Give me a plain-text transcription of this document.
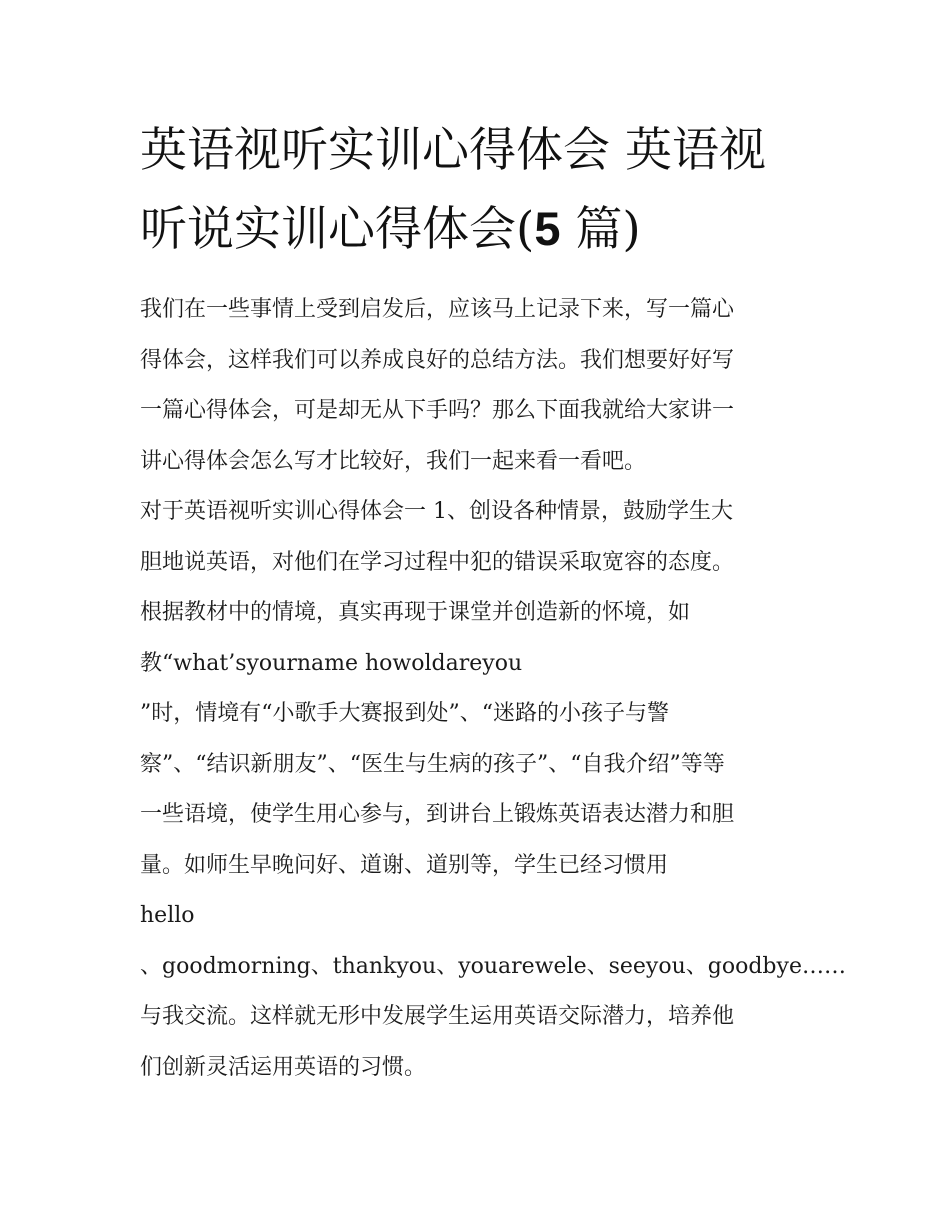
英语视听实训心得体会 英语视
听说实训心得体会(5 篇)
我们在一些事情上受到启发后，应该马上记录下来，写一篇心
得体会，这样我们可以养成良好的总结方法。我们想要好好写
一篇心得体会，可是却无从下手吗？那么下面我就给大家讲一
讲心得体会怎么写才比较好，我们一起来看一看吧。
对于英语视听实训心得体会一 1、创设各种情景，鼓励学生大
胆地说英语，对他们在学习过程中犯的错误采取宽容的态度。
根据教材中的情境，真实再现于课堂并创造新的怀境，如
教“what’syourname howoldareyou
”时，情境有“小歌手大赛报到处”、“迷路的小孩子与警
察”、“结识新朋友”、“医生与生病的孩子”、“自我介绍”等等
一些语境，使学生用心参与，到讲台上锻炼英语表达潜力和胆
量。如师生早晚问好、道谢、道别等，学生已经习惯用
hello
、goodmorning、thankyou、youarewele、seeyou、goodbye……
与我交流。这样就无形中发展学生运用英语交际潜力，培养他
们创新灵活运用英语的习惯。
